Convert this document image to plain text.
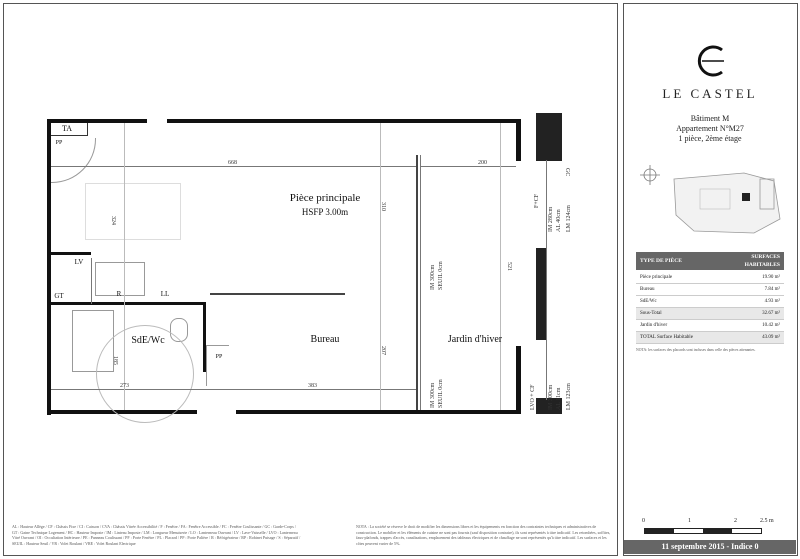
Pièce principale
HSFP 3.00m
Bureau	Jardin d'hiver
SdE/Wc
TA
LV
GT	R	LL
PP
PP
668	200
273	383
324
310
521
207
185
GC
F+CF
IM 280cm AL 40cm LM 124cm
IM 300cm SEUIL 0cm
IM 300cm SEUIL 0cm	LVO + CF IM 300cm AL 11cm LM 123cm
AL : Hauteur Allège / CF : Châssis Fixe / CI : Caisson / CVA : Châssis Vitrée Accessibilité / F : Fenêtre / FA : Fenêtre Accessible / FC : Fenêtre Coulissante / GC : Garde-Corps / GT : Gaine Technique Logement / HC : Hauteur Imposte / IM : Linteau Imposte / LM : Longueur Menuiserie / LO : Lanterneau Ouvrant / LV : Lave-Vaisselle / LVO : Lanterneau Vitré Ouvrant / OI : Occultation Intérieure / PE : Panneau Coulissant / PF : Porte Fenêtre / PL : Placard / PP : Porte Palière / R : Réfrigérateur / RP : Robinet Puisage / S : Séparatif / SEUIL : Hauteur Seuil / VR : Volet Roulant / VRE : Volet Roulant Electrique
NOTA : La société se réserve le droit de modifier les dimensions libres et les équipements en fonction des contraintes techniques et administratives de construction. Le mobilier et les éléments de cuisine ne sont pas fournis (sauf disposition contraire), ils sont représentés à titre indicatif. Les retombées, soffites, faux-plafonds, trappes d'accès, canalisations, emplacement des tableaux électriques et de chauffage ne sont représentés qu'à titre indicatif. Les surfaces et les côtes peuvent varier de 5%.
LE CASTEL
Bâtiment M
Appartement N°M27
1 pièce, 2ème étage
TYPE DE PIÈCE
SURFACES
HABITABLES
Pièce principale	19.90 m²
Bureau	7.84 m²
SdE/Wc	4.93 m²
Sous-Total	32.67 m²
Jardin d'hiver	10.42 m²
TOTAL Surface Habitable	43.09 m²
NOTA: les surfaces des placards sont incluses dans celle des pièces attenantes.
0	1	2	2.5 m
11 septembre 2015 - Indice 0
